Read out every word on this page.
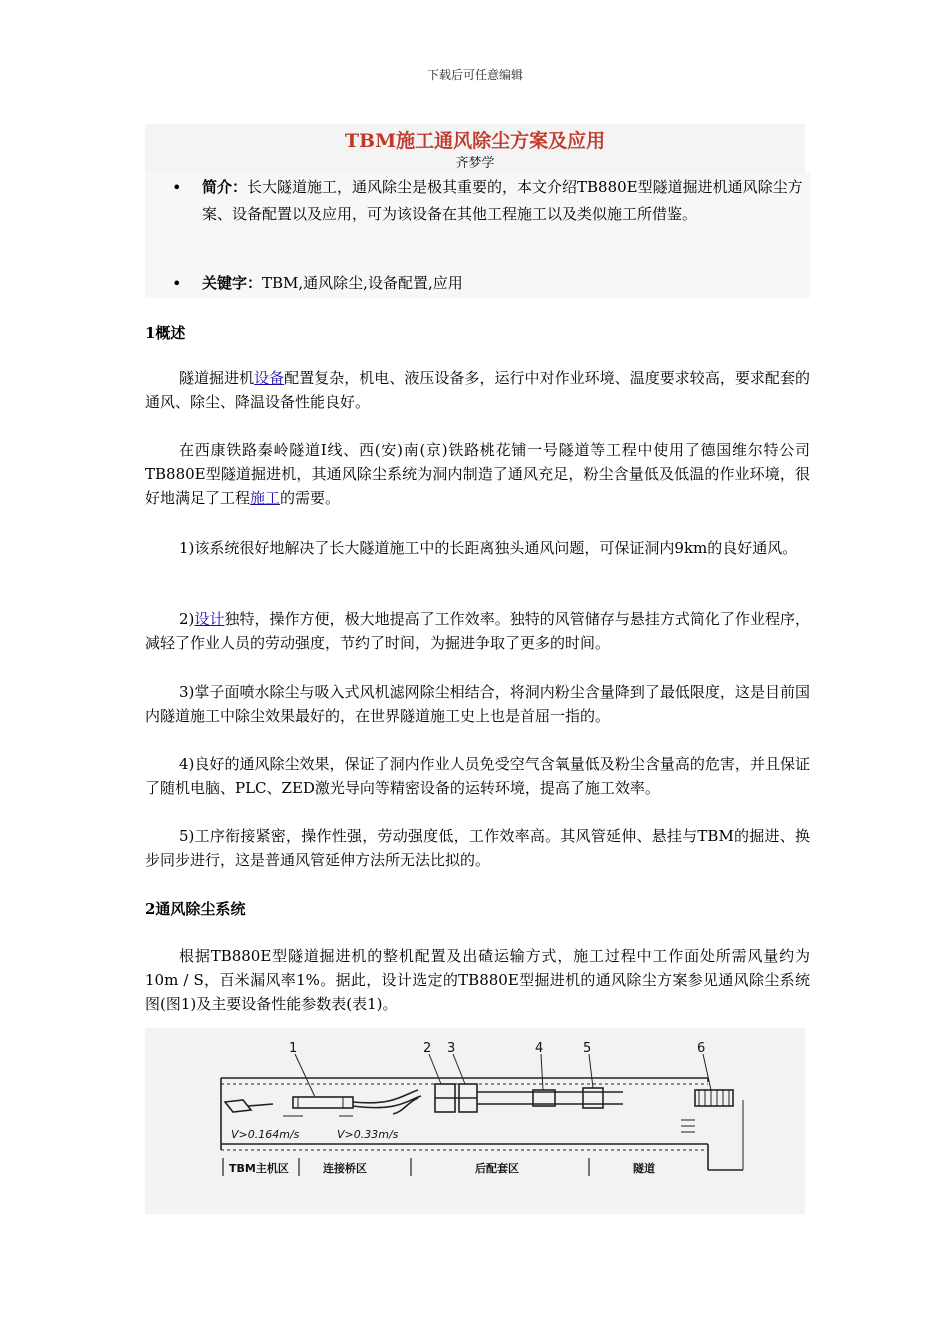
下载后可任意编辑
TBM施工通风除尘方案及应用
齐梦学
• 简介：长大隧道施工，通风除尘是极其重要的，本文介绍TB880E型隧道掘进机通风除尘方案、设备配置以及应用，可为该设备在其他工程施工以及类似施工所借鉴。
• 关键字：TBM,通风除尘,设备配置,应用
1概述
隧道掘进机设备配置复杂，机电、液压设备多，运行中对作业环境、温度要求较高，要求配套的通风、除尘、降温设备性能良好。
在西康铁路秦岭隧道Ⅰ线、西(安)南(京)铁路桃花铺一号隧道等工程中使用了德国维尔特公司TB880E型隧道掘进机，其通风除尘系统为洞内制造了通风充足，粉尘含量低及低温的作业环境，很好地满足了工程施工的需要。
1)该系统很好地解决了长大隧道施工中的长距离独头通风问题，可保证洞内9km的良好通风。
2)设计独特，操作方便，极大地提高了工作效率。独特的风管储存与悬挂方式简化了作业程序，减轻了作业人员的劳动强度，节约了时间，为掘进争取了更多的时间。
3)掌子面喷水除尘与吸入式风机滤网除尘相结合，将洞内粉尘含量降到了最低限度，这是目前国内隧道施工中除尘效果最好的，在世界隧道施工史上也是首屈一指的。
4)良好的通风除尘效果，保证了洞内作业人员免受空气含氧量低及粉尘含量高的危害，并且保证了随机电脑、PLC、ZED激光导向等精密设备的运转环境，提高了施工效率。
5)工序衔接紧密，操作性强，劳动强度低，工作效率高。其风管延伸、悬挂与TBM的掘进、换步同步进行，这是普通风管延伸方法所无法比拟的。
2通风除尘系统
根据TB880E型隧道掘进机的整机配置及出碴运输方式，施工过程中工作面处所需风量约为10m / S，百米漏风率1%。据此，设计选定的TB880E型掘进机的通风除尘方案参见通风除尘系统图(图1)及主要设备性能参数表(表1)。
1	2 3	4	5	6
V>0.164m/s	V>0.33m/s
TBM主机区	连接桥区	后配套区	隧道
